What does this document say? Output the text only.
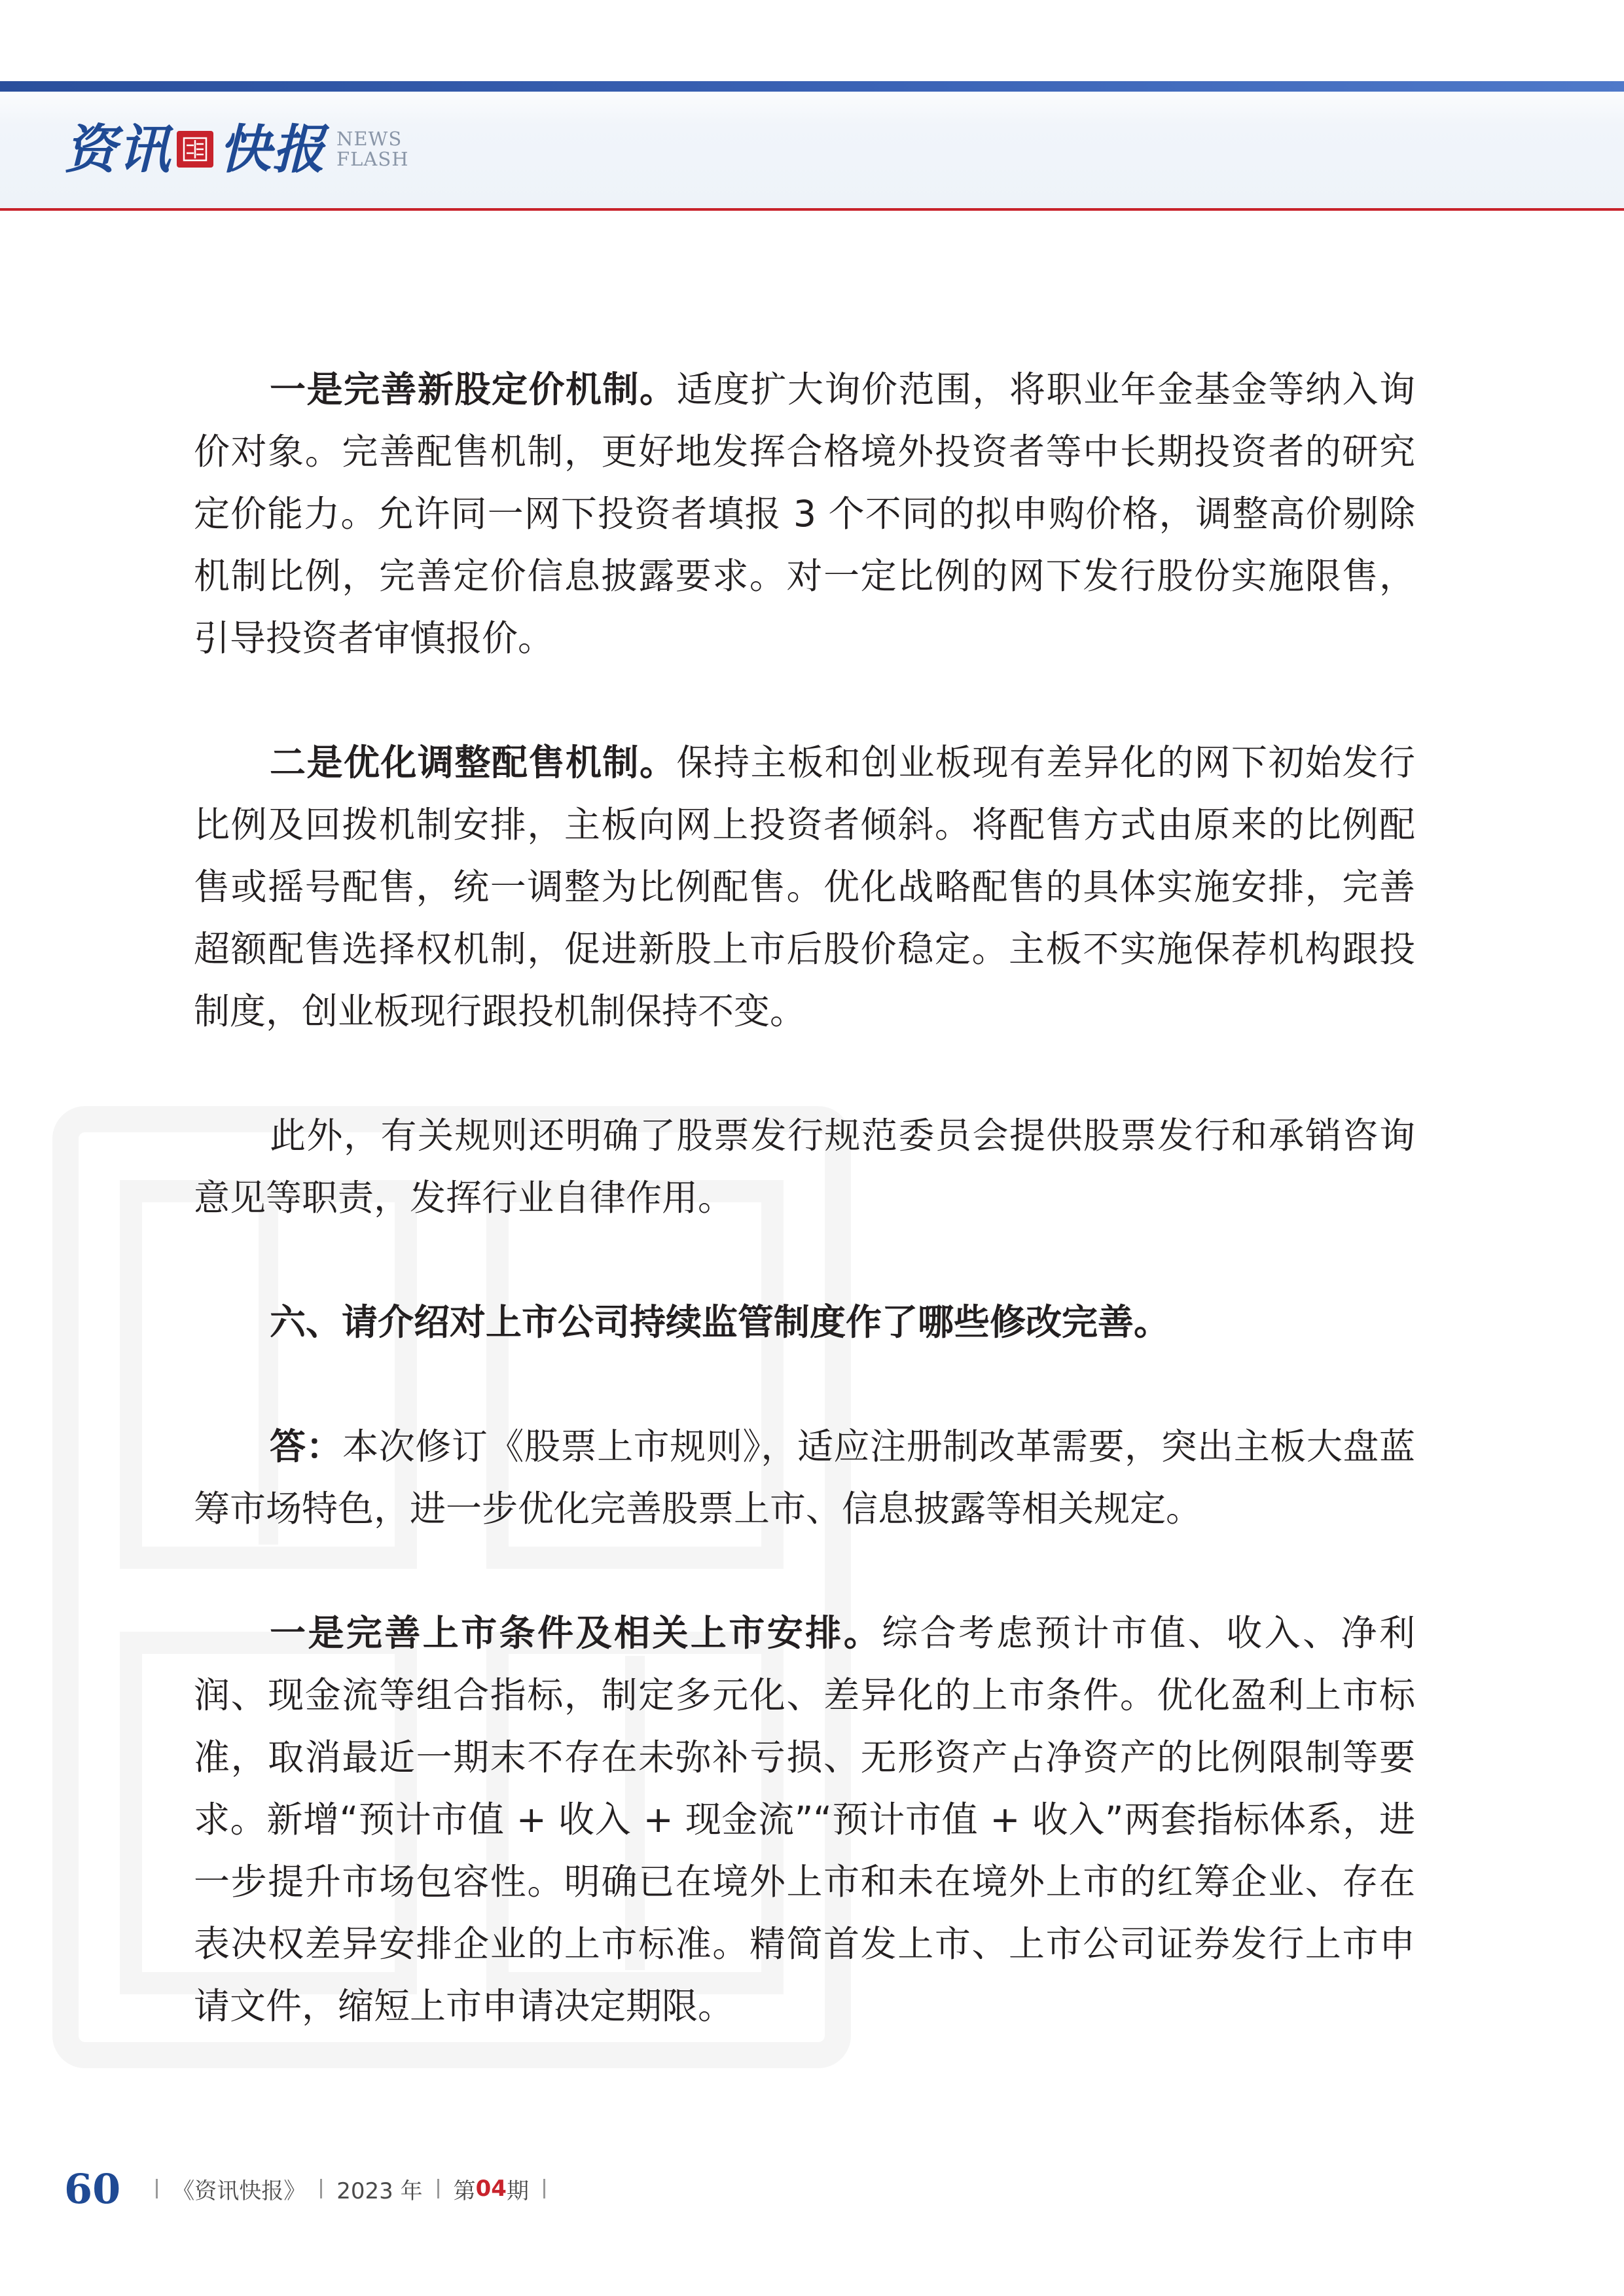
资讯 快报 NEWS
FLASH

一是完善新股定价机制。适度扩大询价范围，将职业年金基金等纳入询价对象。完善配售机制，更好地发挥合格境外投资者等中长期投资者的研究定价能力。允许同一网下投资者填报 3 个不同的拟申购价格，调整高价剔除机制比例，完善定价信息披露要求。对一定比例的网下发行股份实施限售，引导投资者审慎报价。

二是优化调整配售机制。保持主板和创业板现有差异化的网下初始发行比例及回拨机制安排，主板向网上投资者倾斜。将配售方式由原来的比例配售或摇号配售，统一调整为比例配售。优化战略配售的具体实施安排，完善超额配售选择权机制，促进新股上市后股价稳定。主板不实施保荐机构跟投制度，创业板现行跟投机制保持不变。

此外，有关规则还明确了股票发行规范委员会提供股票发行和承销咨询意见等职责，发挥行业自律作用。

六、请介绍对上市公司持续监管制度作了哪些修改完善。

答：本次修订《股票上市规则》，适应注册制改革需要，突出主板大盘蓝筹市场特色，进一步优化完善股票上市、信息披露等相关规定。

一是完善上市条件及相关上市安排。综合考虑预计市值、收入、净利润、现金流等组合指标，制定多元化、差异化的上市条件。优化盈利上市标准，取消最近一期末不存在未弥补亏损、无形资产占净资产的比例限制等要求。新增“预计市值 + 收入 + 现金流”“预计市值 + 收入”两套指标体系，进一步提升市场包容性。明确已在境外上市和未在境外上市的红筹企业、存在表决权差异安排企业的上市标准。精简首发上市、上市公司证券发行上市申请文件，缩短上市申请决定期限。

60 《资讯快报》 2023 年 第 04 期
